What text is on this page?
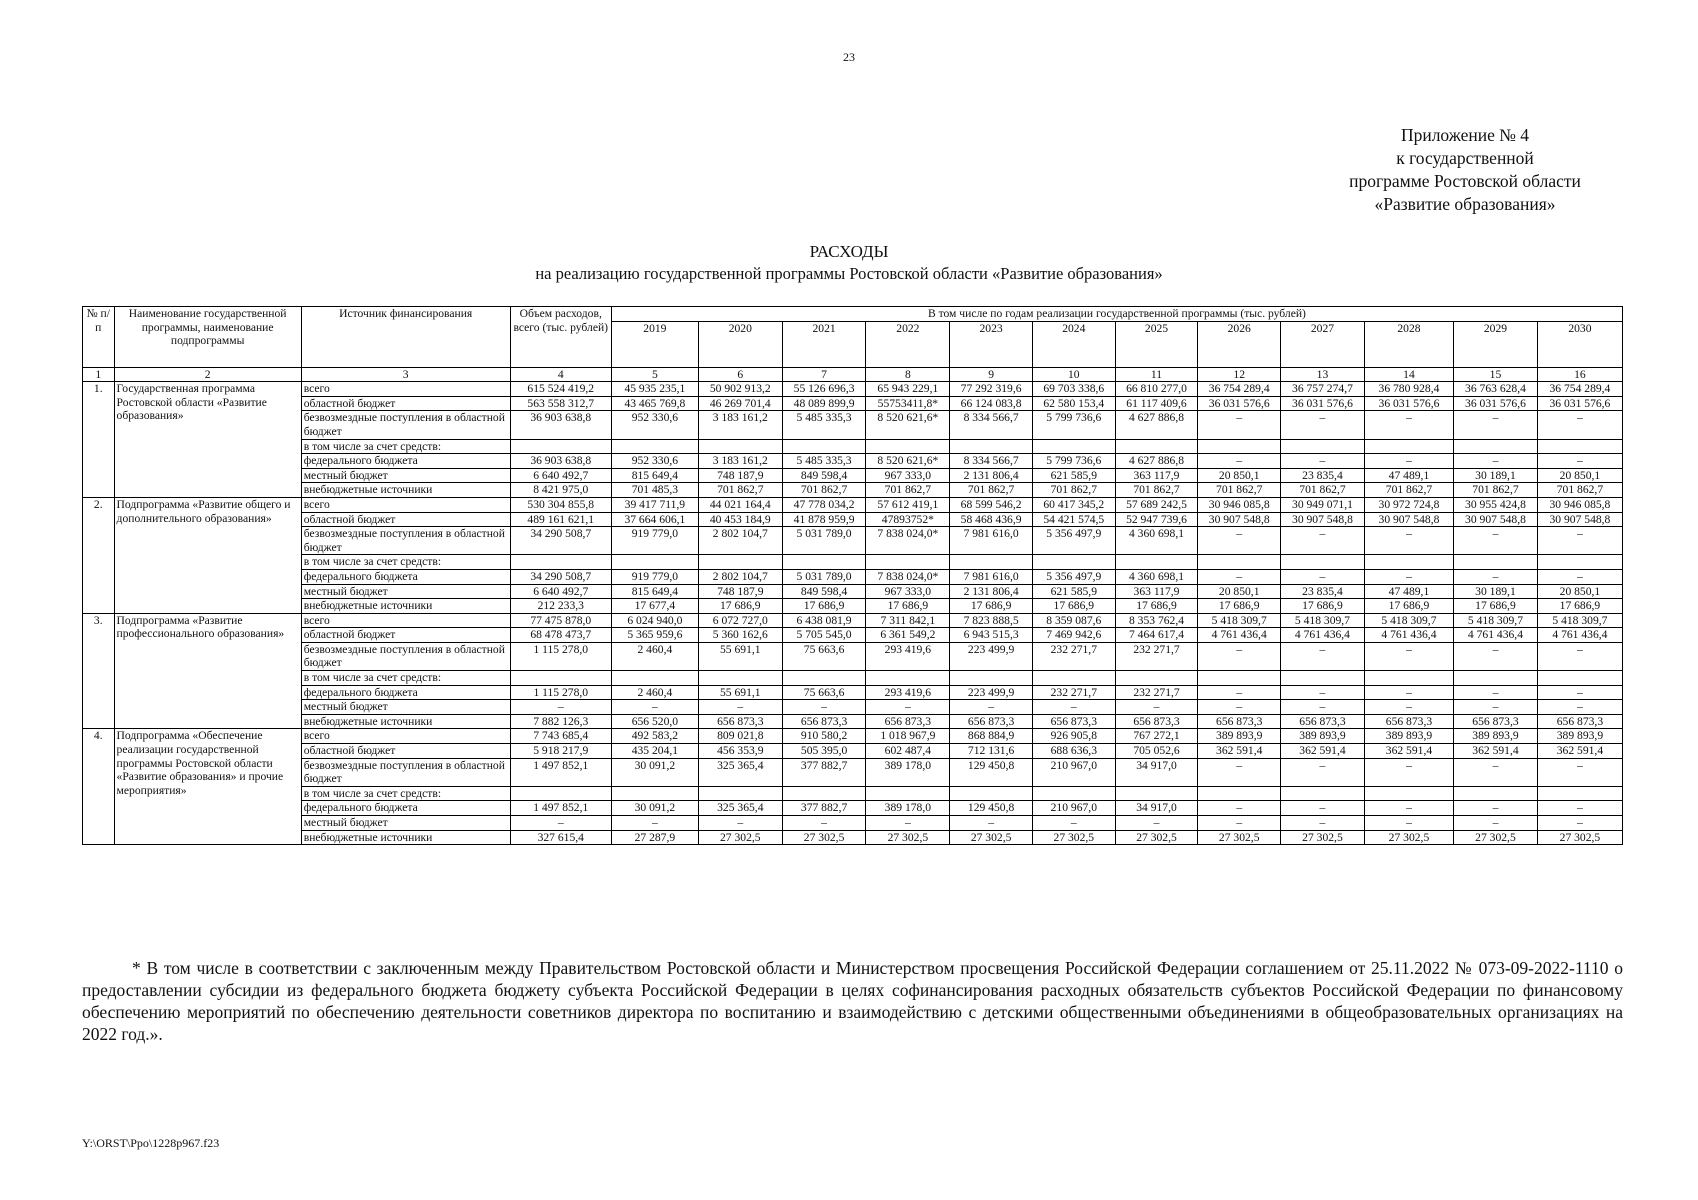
23
Приложение № 4
к государственной
программе Ростовской области
«Развитие образования»
РАСХОДЫ
на реализацию государственной программы Ростовской области «Развитие образования»
№ п/п	Наименование государственной программы, наименование подпрограммы	Источник финансирования	Объем расходов, всего (тыс. рублей)	В том числе по годам реализации государственной программы (тыс. рублей)											
				2019	2020	2021	2022	2023	2024	2025	2026	2027	2028	2029	2030
1	2	3	4	5	6	7	8	9	10	11	12	13	14	15	16
1.	Государственная программа Ростовской области «Развитие образования»	всего	615 524 419,2	45 935 235,1	50 902 913,2	55 126 696,3	65 943 229,1	77 292 319,6	69 703 338,6	66 810 277,0	36 754 289,4	36 757 274,7	36 780 928,4	36 763 628,4	36 754 289,4
		областной бюджет	563 558 312,7	43 465 769,8	46 269 701,4	48 089 899,9	55753411,8*	66 124 083,8	62 580 153,4	61 117 409,6	36 031 576,6	36 031 576,6	36 031 576,6	36 031 576,6	36 031 576,6
		безвозмездные поступления в областной бюджет	36 903 638,8	952 330,6	3 183 161,2	5 485 335,3	8 520 621,6*	8 334 566,7	5 799 736,6	4 627 886,8	–	–	–	–	–
		в том числе за счет средств:													
		федерального бюджета	36 903 638,8	952 330,6	3 183 161,2	5 485 335,3	8 520 621,6*	8 334 566,7	5 799 736,6	4 627 886,8	–	–	–	–	–
		местный бюджет	6 640 492,7	815 649,4	748 187,9	849 598,4	967 333,0	2 131 806,4	621 585,9	363 117,9	20 850,1	23 835,4	47 489,1	30 189,1	20 850,1
		внебюджетные источники	8 421 975,0	701 485,3	701 862,7	701 862,7	701 862,7	701 862,7	701 862,7	701 862,7	701 862,7	701 862,7	701 862,7	701 862,7	701 862,7
2.	Подпрограмма «Развитие общего и дополнительного образования»	всего	530 304 855,8	39 417 711,9	44 021 164,4	47 778 034,2	57 612 419,1	68 599 546,2	60 417 345,2	57 689 242,5	30 946 085,8	30 949 071,1	30 972 724,8	30 955 424,8	30 946 085,8
		областной бюджет	489 161 621,1	37 664 606,1	40 453 184,9	41 878 959,9	47893752*	58 468 436,9	54 421 574,5	52 947 739,6	30 907 548,8	30 907 548,8	30 907 548,8	30 907 548,8	30 907 548,8
		безвозмездные поступления в областной бюджет	34 290 508,7	919 779,0	2 802 104,7	5 031 789,0	7 838 024,0*	7 981 616,0	5 356 497,9	4 360 698,1	–	–	–	–	–
		в том числе за счет средств:													
		федерального бюджета	34 290 508,7	919 779,0	2 802 104,7	5 031 789,0	7 838 024,0*	7 981 616,0	5 356 497,9	4 360 698,1	–	–	–	–	–
		местный бюджет	6 640 492,7	815 649,4	748 187,9	849 598,4	967 333,0	2 131 806,4	621 585,9	363 117,9	20 850,1	23 835,4	47 489,1	30 189,1	20 850,1
		внебюджетные источники	212 233,3	17 677,4	17 686,9	17 686,9	17 686,9	17 686,9	17 686,9	17 686,9	17 686,9	17 686,9	17 686,9	17 686,9	17 686,9
3.	Подпрограмма «Развитие профессионального образования»	всего	77 475 878,0	6 024 940,0	6 072 727,0	6 438 081,9	7 311 842,1	7 823 888,5	8 359 087,6	8 353 762,4	5 418 309,7	5 418 309,7	5 418 309,7	5 418 309,7	5 418 309,7
		областной бюджет	68 478 473,7	5 365 959,6	5 360 162,6	5 705 545,0	6 361 549,2	6 943 515,3	7 469 942,6	7 464 617,4	4 761 436,4	4 761 436,4	4 761 436,4	4 761 436,4	4 761 436,4
		безвозмездные поступления в областной бюджет	1 115 278,0	2 460,4	55 691,1	75 663,6	293 419,6	223 499,9	232 271,7	232 271,7	–	–	–	–	–
		в том числе за счет средств:													
		федерального бюджета	1 115 278,0	2 460,4	55 691,1	75 663,6	293 419,6	223 499,9	232 271,7	232 271,7	–	–	–	–	–
		местный бюджет	–	–	–	–	–	–	–	–	–	–	–	–	–
		внебюджетные источники	7 882 126,3	656 520,0	656 873,3	656 873,3	656 873,3	656 873,3	656 873,3	656 873,3	656 873,3	656 873,3	656 873,3	656 873,3	656 873,3
4.	Подпрограмма «Обеспечение реализации государственной программы Ростовской области «Развитие образования» и прочие мероприятия»	всего	7 743 685,4	492 583,2	809 021,8	910 580,2	1 018 967,9	868 884,9	926 905,8	767 272,1	389 893,9	389 893,9	389 893,9	389 893,9	389 893,9
		областной бюджет	5 918 217,9	435 204,1	456 353,9	505 395,0	602 487,4	712 131,6	688 636,3	705 052,6	362 591,4	362 591,4	362 591,4	362 591,4	362 591,4
		безвозмездные поступления в областной бюджет	1 497 852,1	30 091,2	325 365,4	377 882,7	389 178,0	129 450,8	210 967,0	34 917,0	–	–	–	–	–
		в том числе за счет средств:													
		федерального бюджета	1 497 852,1	30 091,2	325 365,4	377 882,7	389 178,0	129 450,8	210 967,0	34 917,0	–	–	–	–	–
		местный бюджет	–	–	–	–	–	–	–	–	–	–	–	–	–
		внебюджетные источники	327 615,4	27 287,9	27 302,5	27 302,5	27 302,5	27 302,5	27 302,5	27 302,5	27 302,5	27 302,5	27 302,5	27 302,5	27 302,5

* В том числе в соответствии с заключенным между Правительством Ростовской области и Министерством просвещения Российской Федерации соглашением от 25.11.2022 № 073-09-2022-1110 о предоставлении субсидии из федерального бюджета бюджету субъекта Российской Федерации в целях софинансирования расходных обязательств субъектов Российской Федерации по финансовому обеспечению мероприятий по обеспечению деятельности советников директора по воспитанию и взаимодействию с детскими общественными объединениями в общеобразовательных организациях на 2022 год.».

Y:\ORST\Ppo\1228p967.f23
